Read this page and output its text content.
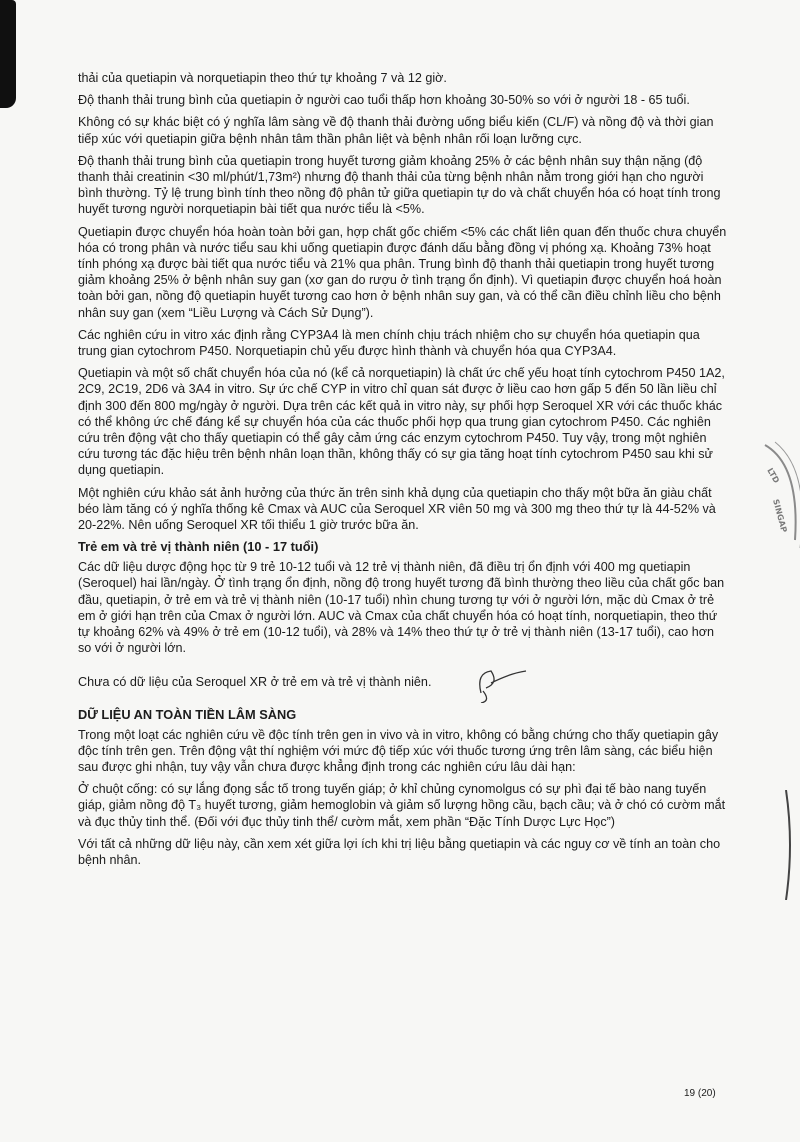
LTD
SINGAP

thải của quetiapin và norquetiapin theo thứ tự khoảng 7 và 12 giờ.

Độ thanh thải trung bình của quetiapin ở người cao tuổi thấp hơn khoảng 30-50% so với ở người 18 - 65 tuổi.

Không có sự khác biệt có ý nghĩa lâm sàng về độ thanh thải đường uống biểu kiến (CL/F) và nồng độ và thời gian tiếp xúc với quetiapin giữa bệnh nhân tâm thần phân liệt và bệnh nhân rối loạn lưỡng cực.

Độ thanh thải trung bình của quetiapin trong huyết tương giảm khoảng 25% ở các bệnh nhân suy thận nặng (độ thanh thải creatinin <30 ml/phút/1,73m²) nhưng độ thanh thải của từng bệnh nhân nằm trong giới hạn cho người bình thường. Tỷ lệ trung bình tính theo nồng độ phân tử giữa quetiapin tự do và chất chuyển hóa có hoạt tính trong huyết tương người norquetiapin bài tiết qua nước tiểu là <5%.

Quetiapin được chuyển hóa hoàn toàn bởi gan, hợp chất gốc chiếm <5% các chất liên quan đến thuốc chưa chuyển hóa có trong phân và nước tiểu sau khi uống quetiapin được đánh dấu bằng đồng vị phóng xạ. Khoảng 73% hoạt tính phóng xạ được bài tiết qua nước tiểu và 21% qua phân. Trung bình độ thanh thải quetiapin trong huyết tương giảm khoảng 25% ở bệnh nhân suy gan (xơ gan do rượu ở tình trạng ổn định). Vì quetiapin được chuyển hoá hoàn toàn bởi gan, nồng độ quetiapin huyết tương cao hơn ở bệnh nhân suy gan, và có thể cần điều chỉnh liều cho bệnh nhân suy gan (xem “Liều Lượng và Cách Sử Dụng”).

Các nghiên cứu in vitro xác định rằng CYP3A4 là men chính chịu trách nhiệm cho sự chuyển hóa quetiapin qua trung gian cytochrom P450. Norquetiapin chủ yếu được hình thành và chuyển hóa qua CYP3A4.

Quetiapin và một số chất chuyển hóa của nó (kể cả norquetiapin) là chất ức chế yếu hoạt tính cytochrom P450 1A2, 2C9, 2C19, 2D6 và 3A4 in vitro. Sự ức chế CYP in vitro chỉ quan sát được ở liều cao hơn gấp 5 đến 50 lần liều chỉ định 300 đến 800 mg/ngày ở người. Dựa trên các kết quả in vitro này, sự phối hợp Seroquel XR với các thuốc khác có thể không ức chế đáng kể sự chuyển hóa của các thuốc phối hợp qua trung gian cytochrom P450. Các nghiên cứu trên động vật cho thấy quetiapin có thể gây cảm ứng các enzym cytochrom P450. Tuy vậy, trong một nghiên cứu tương tác đặc hiệu trên bệnh nhân loạn thần, không thấy có sự gia tăng hoạt tính cytochrom P450 sau khi sử dụng quetiapin.

Một nghiên cứu khảo sát ảnh hưởng của thức ăn trên sinh khả dụng của quetiapin cho thấy một bữa ăn giàu chất béo làm tăng có ý nghĩa thống kê Cmax và AUC của Seroquel XR viên 50 mg và 300 mg theo thứ tự là 44-52% và 20-22%. Nên uống Seroquel XR tối thiểu 1 giờ trước bữa ăn.

Trẻ em và trẻ vị thành niên (10 - 17 tuổi)

Các dữ liệu dược động học từ 9 trẻ 10-12 tuổi và 12 trẻ vị thành niên, đã điều trị ổn định với 400 mg quetiapin (Seroquel) hai lần/ngày. Ở tình trạng ổn định, nồng độ trong huyết tương đã bình thường theo liều của chất gốc ban đầu, quetiapin, ở trẻ em và trẻ vị thành niên (10-17 tuổi) nhìn chung tương tự với ở người lớn, mặc dù Cmax ở trẻ em ở giới hạn trên của Cmax ở người lớn. AUC và Cmax của chất chuyển hóa có hoạt tính, norquetiapin, theo thứ tự khoảng 62% và 49% ở trẻ em (10-12 tuổi), và 28% và 14% theo thứ tự ở trẻ vị thành niên (13-17 tuổi), cao hơn so với ở người lớn.

Chưa có dữ liệu của Seroquel XR ở trẻ em và trẻ vị thành niên.

DỮ LIỆU AN TOÀN TIỀN LÂM SÀNG

Trong một loạt các nghiên cứu về độc tính trên gen in vivo và in vitro, không có bằng chứng cho thấy quetiapin gây độc tính trên gen. Trên động vật thí nghiệm với mức độ tiếp xúc với thuốc tương ứng trên lâm sàng, các biểu hiện sau được ghi nhận, tuy vậy vẫn chưa được khẳng định trong các nghiên cứu lâu dài hạn:

Ở chuột cống: có sự lắng đọng sắc tố trong tuyến giáp; ở khỉ chủng cynomolgus có sự phì đại tế bào nang tuyến giáp, giảm nồng độ T₃ huyết tương, giảm hemoglobin và giảm số lượng hồng cầu, bạch cầu; và ở chó có cườm mắt và đục thủy tinh thể. (Đối với đục thủy tinh thể/ cườm mắt, xem phần “Đặc Tính Dược Lực Học”)

Với tất cả những dữ liệu này, cần xem xét giữa lợi ích khi trị liệu bằng quetiapin và các nguy cơ về tính an toàn cho bệnh nhân.

19 (20)
